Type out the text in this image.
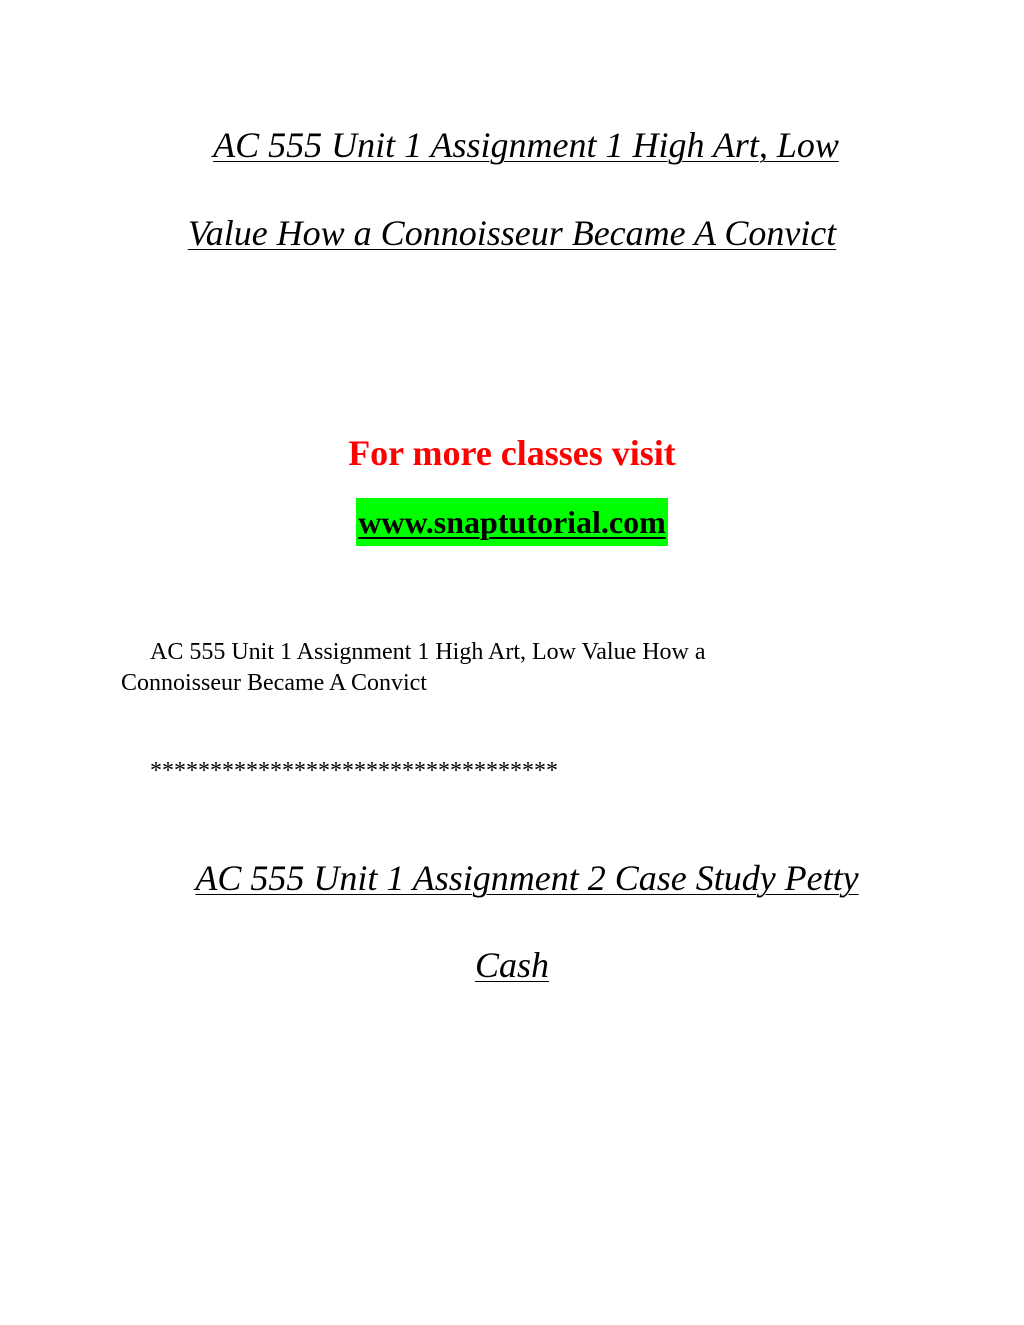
AC 555 Unit 1 Assignment 1 High Art, Low
Value How a Connoisseur Became A Convict
For more classes visit
www.snaptutorial.com
AC 555 Unit 1 Assignment 1 High Art, Low Value How a Connoisseur Became A Convict
**********************************
AC 555 Unit 1 Assignment 2 Case Study Petty
Cash
